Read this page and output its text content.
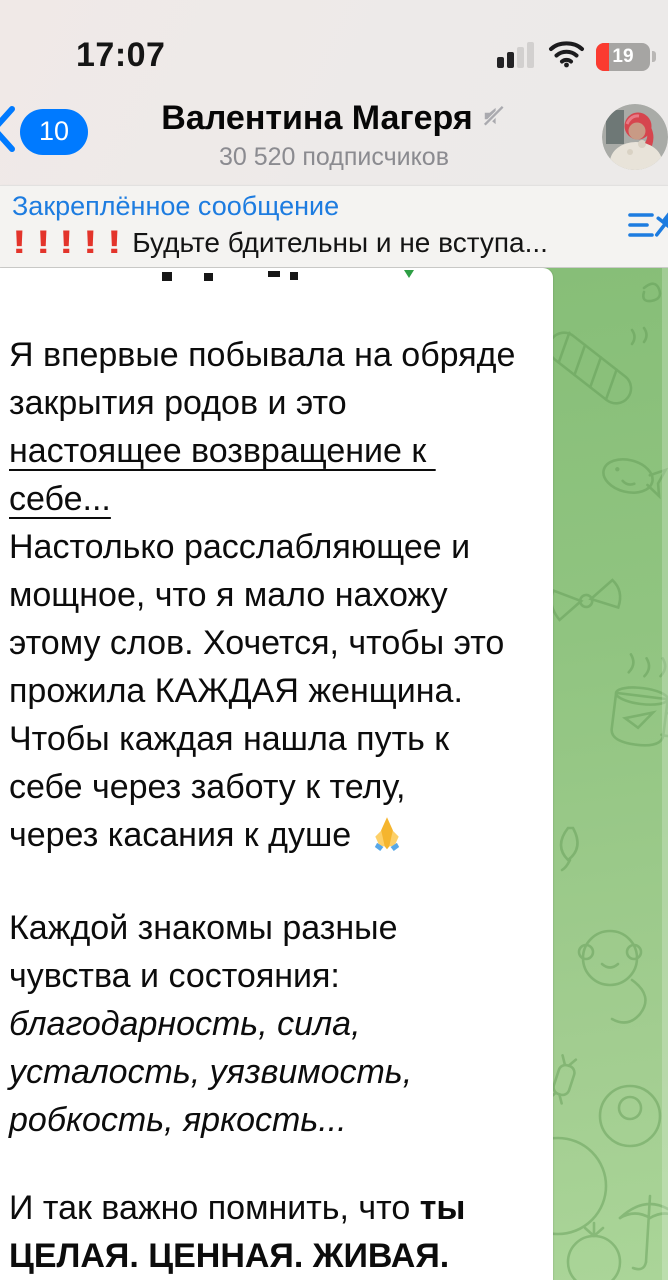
17:07	19
10	Валентина Магеря
30 520 подписчиков
Закреплённое сообщение
! ! ! ! ! Будьте бдительны и не вступа...
Я впервые побывала на обряде
закрытия родов и это
настоящее возвращение к
себе...
Настолько расслабляющее и
мощное, что я мало нахожу
этому слов. Хочется, чтобы это
прожила КАЖДАЯ женщина.
Чтобы каждая нашла путь к
себе через заботу к телу,
через касания к душе
Каждой знакомы разные
чувства и состояния:
благодарность, сила,
усталость, уязвимость,
робкость, яркость...
И так важно помнить, что ты
ЦЕЛАЯ. ЦЕННАЯ. ЖИВАЯ.
